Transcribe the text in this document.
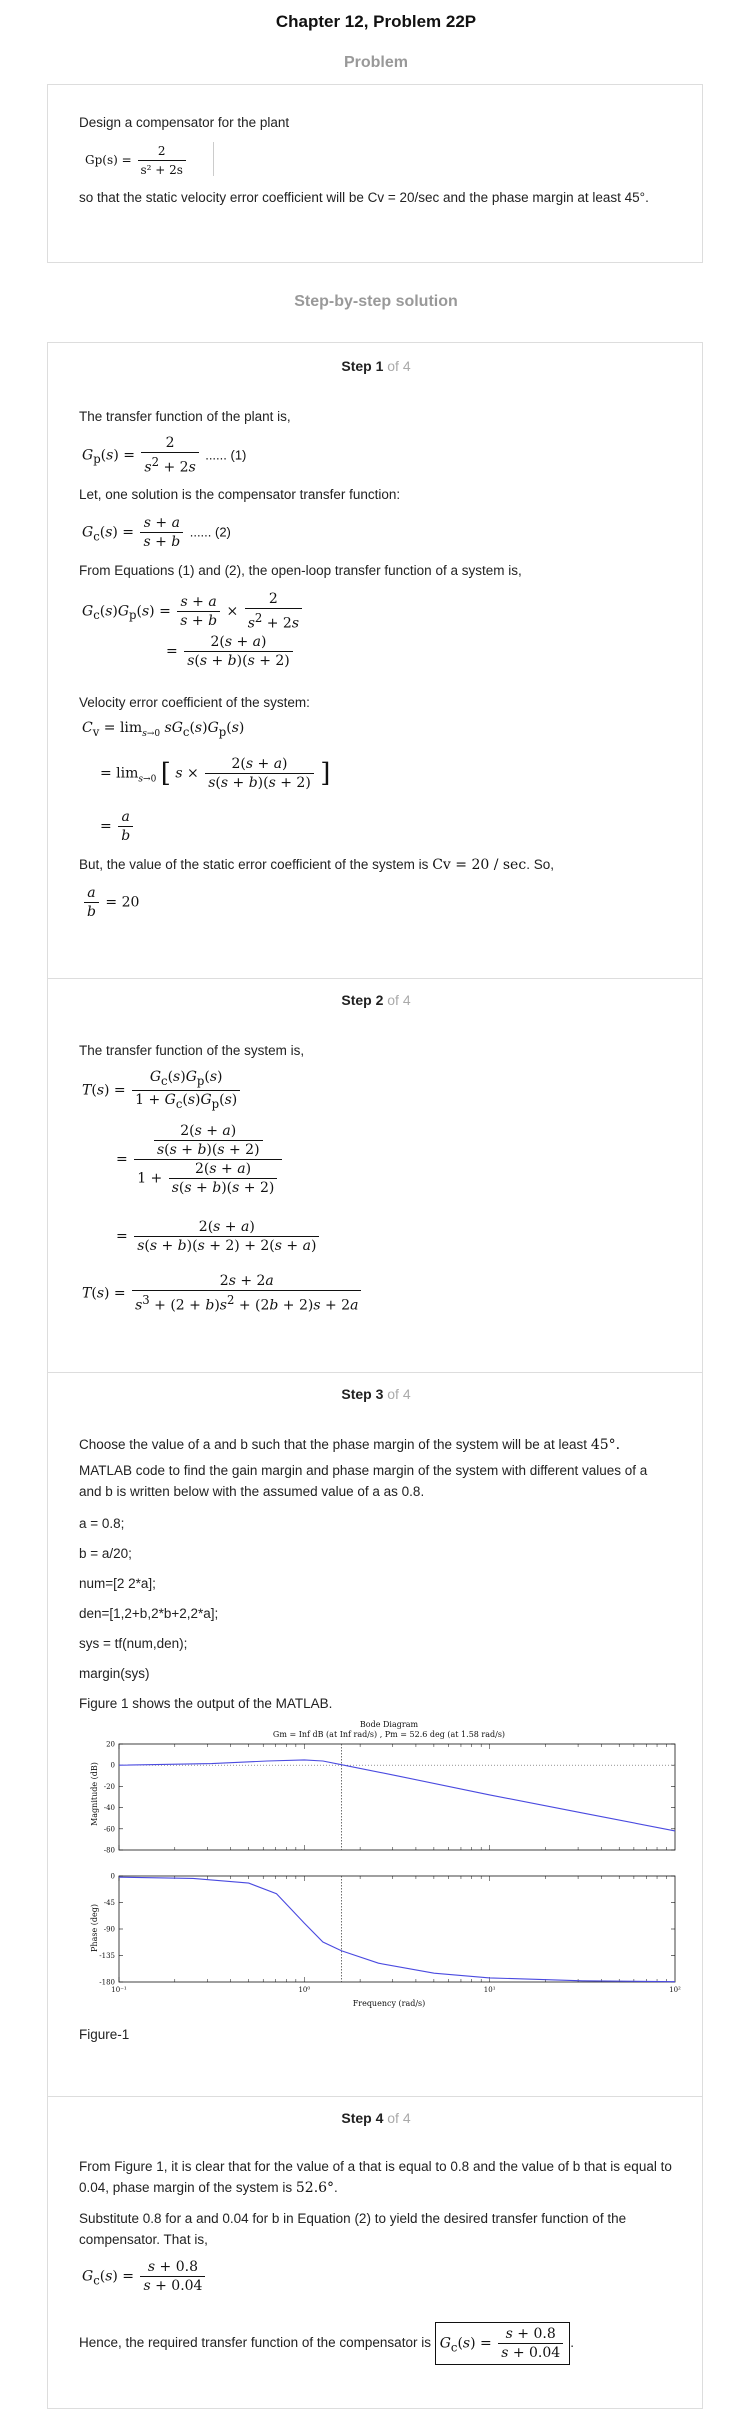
Chapter 12, Problem 22P
Problem

Design a compensator for the plant

$Gp(s) = \frac{2}{\text{s² + 2s}}$

so that the static velocity error coefficient will be Cv = 20/sec and the phase margin at least 45°.

Step-by-step solution
Step 1 of 4

The transfer function of the plant is,

$G_p(s) = \frac{2}{s^2 + 2s}$ ...... (1)

Let, one solution is the compensator transfer function:

$G_c(s) = \frac{s + a}{s + b}$ ...... (2)

From Equations (1) and (2), the open-loop transfer function of a system is,

$G_c(s)G_p(s) = \frac{s + a}{s + b} \times \frac{2}{s^2 + 2s}$
= $\frac{2(s + a)}{s(s + b)(s + 2)}$

Velocity error coefficient of the system:

$C_v = \lim_{s\to 0} sG_c(s)G_p(s)$
= $\lim_{s\to 0}$ [ $s \times \frac{2(s + a)}{s(s + b)(s + 2)}$ ]
= $\frac{a}{b}$

But, the value of the static error coefficient of the system is Cv = 20 / sec. So,

$\frac{a}{b} = 20$
Step 2 of 4

The transfer function of the system is,

$T(s) = \frac{G_c(s)G_p(s)}{1 + G_c(s)G_p(s)}$
= $\frac{\frac{2(s + a)}{s(s + b)(s + 2)}}{1 + \frac{2(s + a)}{s(s + b)(s + 2)}}$
= $\frac{2(s + a)}{s(s + b)(s + 2) + 2(s + a)}$
$T(s) = \frac{2s + 2a}{s^3 + (2 + b)s^2 + (2b + 2)s + 2a}$
Step 3 of 4

Choose the value of a and b such that the phase margin of the system will be at least 45°.

MATLAB code to find the gain margin and phase margin of the system with different values of a and b is written below with the assumed value of a as 0.8.

a = 0.8;
b = a/20;
num=[2 2*a];
den=[1,2+b,2*b+2,2*a];
sys = tf(num,den);
margin(sys)

Figure 1 shows the output of the MATLAB.

Bode Diagram
Gm = Inf dB (at Inf rad/s) , Pm = 52.6 deg (at 1.58 rad/s)
20
0
-20
-40
-60
-80
0
-45
-90
-135
-180
10⁻¹	10⁰	10¹	10²
Magnitude (dB)
Phase (deg)
Frequency (rad/s)

Figure-1

Step 4 of 4

From Figure 1, it is clear that for the value of a that is equal to 0.8 and the value of b that is equal to 0.04, phase margin of the system is 52.6°.

Substitute 0.8 for a and 0.04 for b in Equation (2) to yield the desired transfer function of the compensator. That is,

$G_c(s) = \frac{s + 0.8}{s + 0.04}$

Hence, the required transfer function of the compensator is $G_c(s) = \frac{s + 0.8}{s + 0.04}$ .
